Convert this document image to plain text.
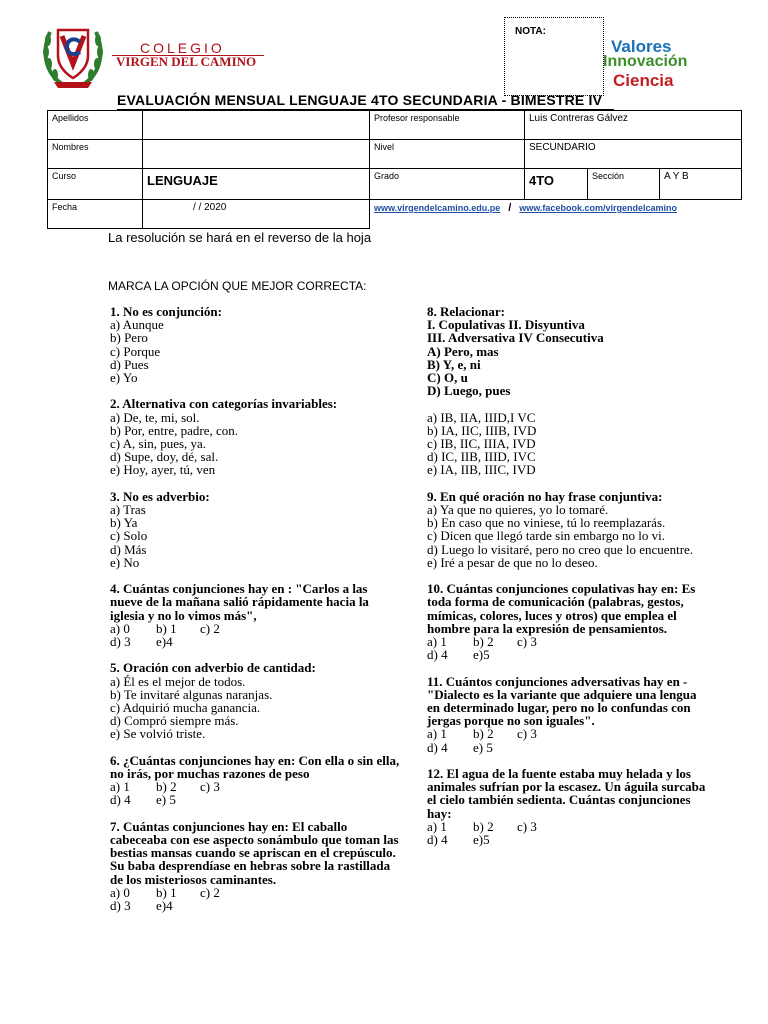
COLEGIO
VIRGEN DEL CAMINO
NOTA:
Valores
Innovación
Ciencia
EVALUACIÓN MENSUAL LENGUAJE 4TO SECUNDARIA - BIMESTRE IV
Apellidos		Profesor responsable	Luis Contreras Gálvez		
Nombres		Nivel	SECUNDARIO		
Curso	LENGUAJE	Grado	4TO	Sección	A Y B
Fecha	/ / 2020	www.virgendelcamino.edu.pe / www.facebook.com/virgendelcamino			
La resolución se hará en el reverso de la hoja
MARCA LA OPCIÓN QUE MEJOR CORRECTA:
1. No es conjunción:
a) Aunque
b) Pero
c) Porque
d) Pues
e) Yo
2. Alternativa con categorías invariables:
a) De, te, mi, sol.
b) Por, entre, padre, con.
c) A, sin, pues, ya.
d) Supe, doy, dé, sal.
e) Hoy, ayer, tú, ven
3. No es adverbio:
a) Tras
b) Ya
c) Solo
d) Más
e) No
4. Cuántas conjunciones hay en : "Carlos a las nueve de la mañana salió rápidamente hacia la iglesia y no lo vimos más",
a) 0 b) 1 c) 2
d) 3 e)4
5. Oración con adverbio de cantidad:
a) Él es el mejor de todos.
b) Te invitaré algunas naranjas.
c) Adquirió mucha ganancia.
d) Compró siempre más.
e) Se volvió triste.
6. ¿Cuántas conjunciones hay en: Con ella o sin ella, no irás, por muchas razones de peso
a) 1 b) 2 c) 3
d) 4 e) 5
7. Cuántas conjunciones hay en: El caballo cabeceaba con ese aspecto sonámbulo que toman las bestias mansas cuando se apriscan en el crepúsculo. Su baba desprendíase en hebras sobre la rastillada de los misteriosos caminantes.
a) 0 b) 1 c) 2
d) 3 e)4
8. Relacionar:
I. Copulativas II. Disyuntiva
III. Adversativa IV Consecutiva
A) Pero, mas
B) Y, e, ni
C) O, u
D) Luego, pues
a) IB, IIA, IIID,I VC
b) IA, IIC, IIIB, IVD
c) IB, IIC, IIIA, IVD
d) IC, IIB, IIID, IVC
e) IA, IIB, IIIC, IVD
9. En qué oración no hay frase conjuntiva:
a) Ya que no quieres, yo lo tomaré.
b) En caso que no viniese, tú lo reemplazarás.
c) Dicen que llegó tarde sin embargo no lo vi.
d) Luego lo visitaré, pero no creo que lo encuentre.
e) Iré a pesar de que no lo deseo.
10. Cuántas conjunciones copulativas hay en: Es toda forma de comunicación (palabras, gestos, mímicas, colores, luces y otros) que emplea el hombre para la expresión de pensamientos.
a) 1 b) 2 c) 3
d) 4 e)5
11. Cuántos conjunciones adversativas hay en -"Dialecto es la variante que adquiere una lengua en determinado lugar, pero no lo confundas con jergas porque no son iguales".
a) 1 b) 2 c) 3
d) 4 e) 5
12. El agua de la fuente estaba muy helada y los animales sufrían por la escasez. Un águila surcaba el cielo también sedienta. Cuántas conjunciones hay:
a) 1 b) 2 c) 3
d) 4 e)5
